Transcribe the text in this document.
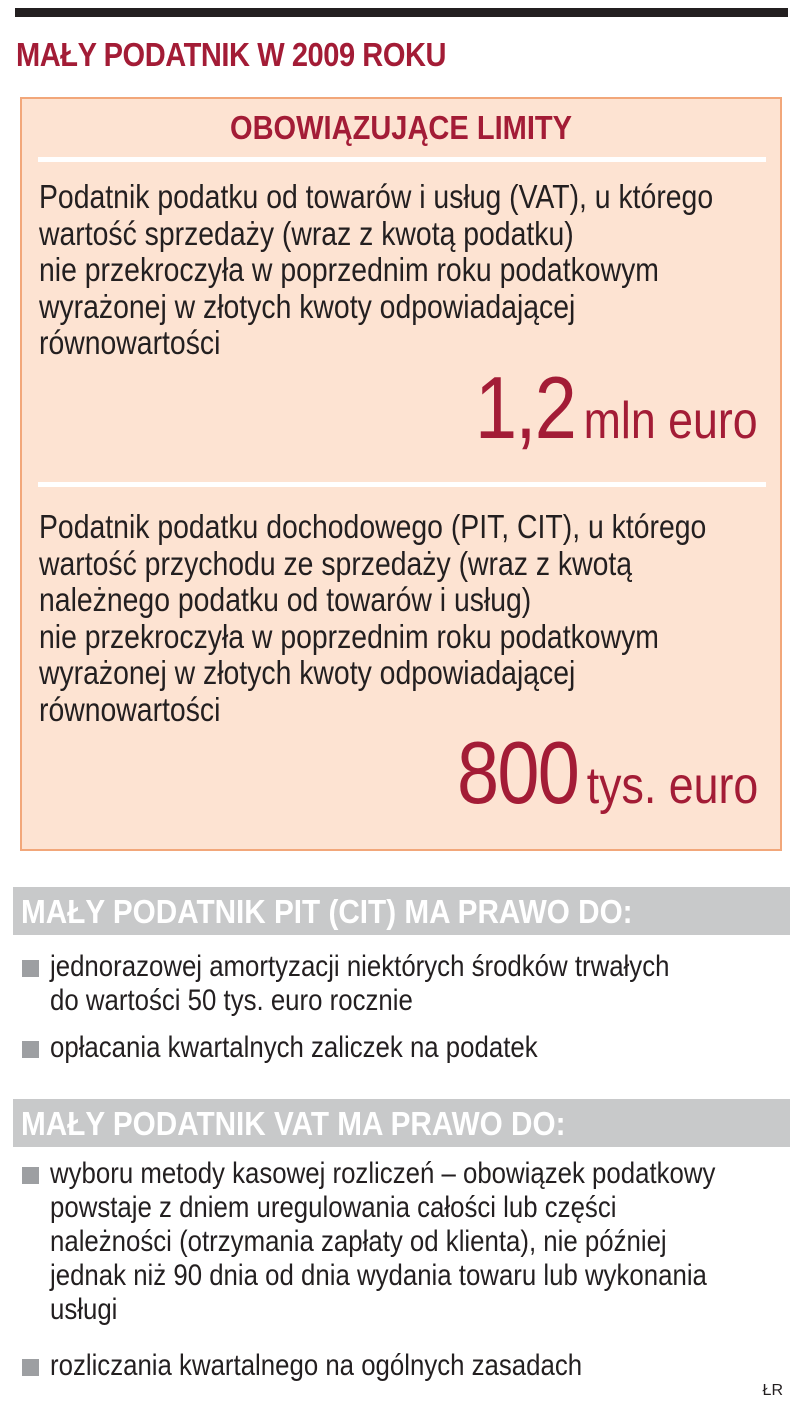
MAŁY PODATNIK W 2009 ROKU
OBOWIĄZUJĄCE LIMITY

Podatnik podatku od towarów i usług (VAT), u którego
wartość sprzedaży (wraz z kwotą podatku)
nie przekroczyła w poprzednim roku podatkowym
wyrażonej w złotych kwoty odpowiadającej
równowartości

1,2 mln euro

Podatnik podatku dochodowego (PIT, CIT), u którego
wartość przychodu ze sprzedaży (wraz z kwotą
należnego podatku od towarów i usług)
nie przekroczyła w poprzednim roku podatkowym
wyrażonej w złotych kwoty odpowiadającej
równowartości

800 tys. euro
MAŁY PODATNIK PIT (CIT) MA PRAWO DO:

jednorazowej amortyzacji niektórych środków trwałych
do wartości 50 tys. euro rocznie

opłacania kwartalnych zaliczek na podatek

MAŁY PODATNIK VAT MA PRAWO DO:

wyboru metody kasowej rozliczeń – obowiązek podatkowy
powstaje z dniem uregulowania całości lub części
należności (otrzymania zapłaty od klienta), nie później
jednak niż 90 dnia od dnia wydania towaru lub wykonania
usługi

rozliczania kwartalnego na ogólnych zasadach

ŁR
